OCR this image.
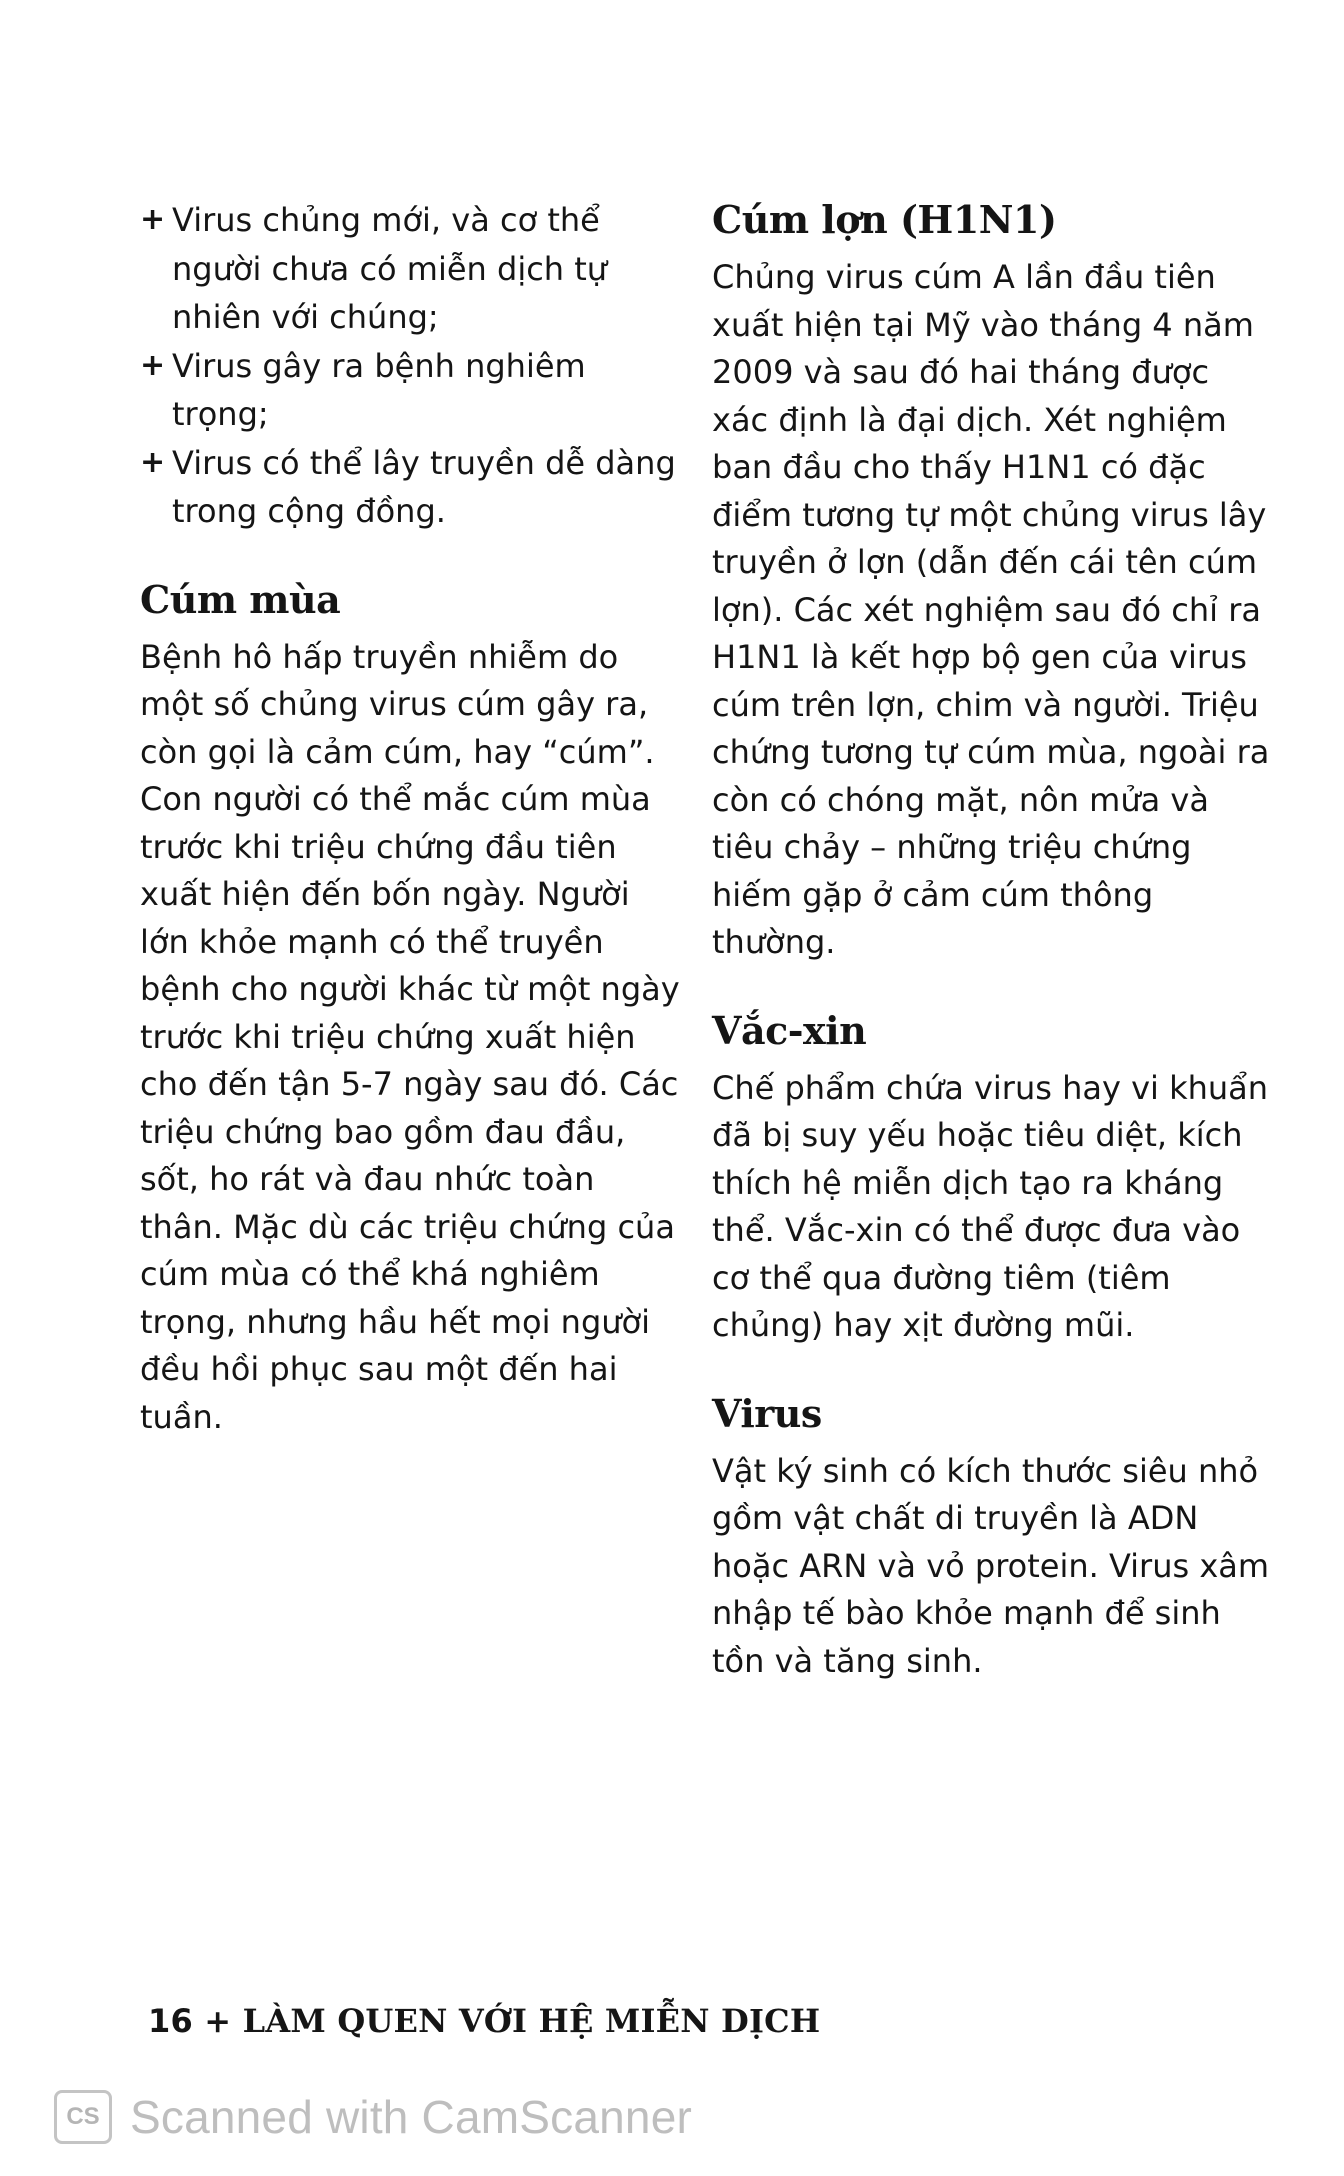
+ Virus chủng mới, và cơ thể người chưa có miễn dịch tự nhiên với chúng;
+ Virus gây ra bệnh nghiêm trọng;
+ Virus có thể lây truyền dễ dàng trong cộng đồng.
Cúm mùa

Bệnh hô hấp truyền nhiễm do một số chủng virus cúm gây ra, còn gọi là cảm cúm, hay “cúm”. Con người có thể mắc cúm mùa trước khi triệu chứng đầu tiên xuất hiện đến bốn ngày. Người lớn khỏe mạnh có thể truyền bệnh cho người khác từ một ngày trước khi triệu chứng xuất hiện cho đến tận 5-7 ngày sau đó. Các triệu chứng bao gồm đau đầu, sốt, ho rát và đau nhức toàn thân. Mặc dù các triệu chứng của cúm mùa có thể khá nghiêm trọng, nhưng hầu hết mọi người đều hồi phục sau một đến hai tuần.

Cúm lợn (H1N1)

Chủng virus cúm A lần đầu tiên xuất hiện tại Mỹ vào tháng 4 năm 2009 và sau đó hai tháng được xác định là đại dịch. Xét nghiệm ban đầu cho thấy H1N1 có đặc điểm tương tự một chủng virus lây truyền ở lợn (dẫn đến cái tên cúm lợn). Các xét nghiệm sau đó chỉ ra H1N1 là kết hợp bộ gen của virus cúm trên lợn, chim và người. Triệu chứng tương tự cúm mùa, ngoài ra còn có chóng mặt, nôn mửa và tiêu chảy – những triệu chứng hiếm gặp ở cảm cúm thông thường.

Vắc-xin

Chế phẩm chứa virus hay vi khuẩn đã bị suy yếu hoặc tiêu diệt, kích thích hệ miễn dịch tạo ra kháng thể. Vắc-xin có thể được đưa vào cơ thể qua đường tiêm (tiêm chủng) hay xịt đường mũi.

Virus

Vật ký sinh có kích thước siêu nhỏ gồm vật chất di truyền là ADN hoặc ARN và vỏ protein. Virus xâm nhập tế bào khỏe mạnh để sinh tồn và tăng sinh.

16 + LÀM QUEN VỚI HỆ MIỄN DỊCH
CS Scanned with CamScanner
